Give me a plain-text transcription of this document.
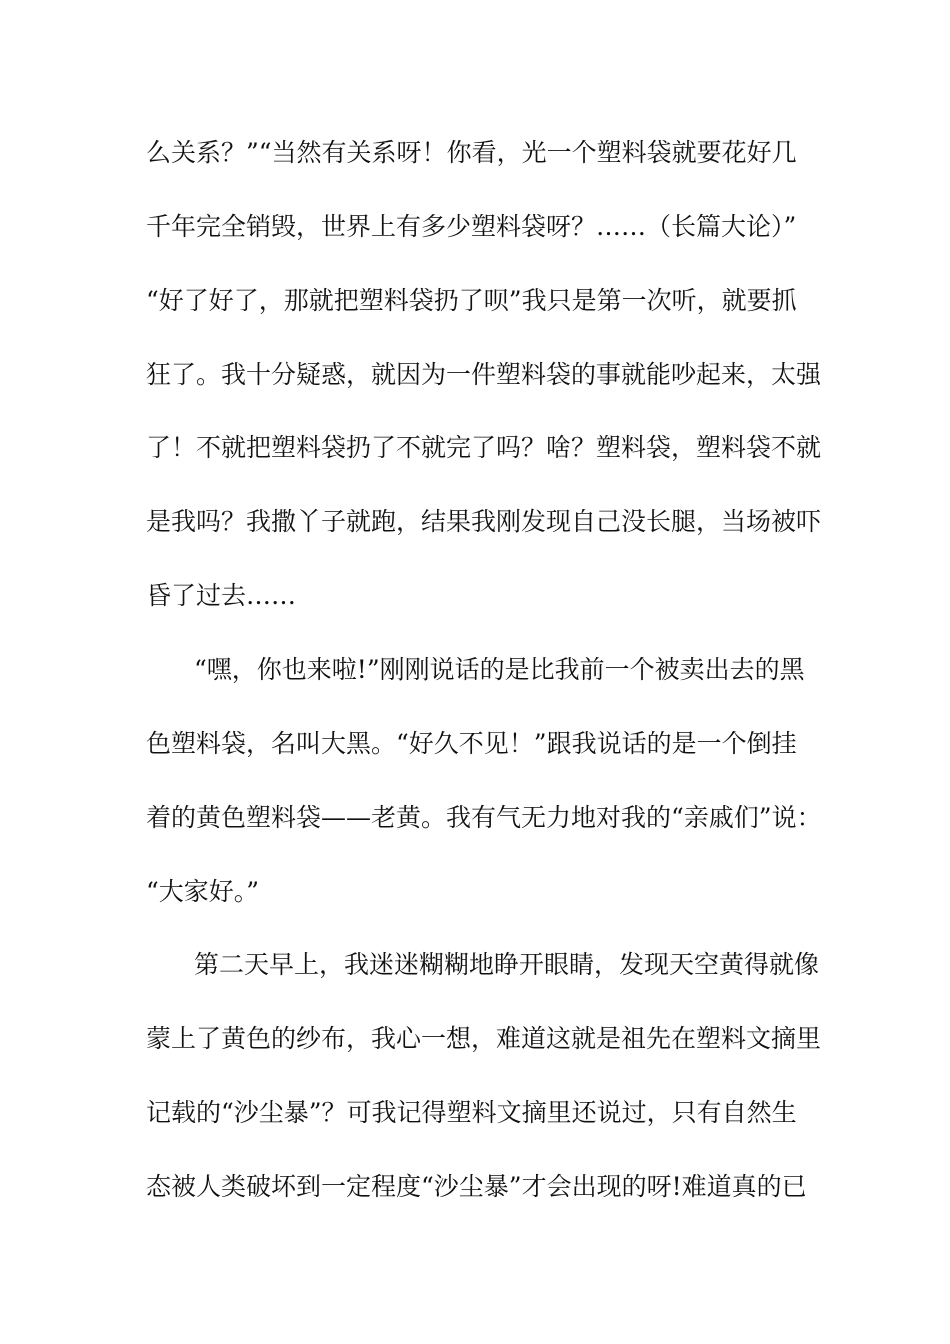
么关系？”“当然有关系呀！你看，光一个塑料袋就要花好几

千年完全销毁，世界上有多少塑料袋呀？……（长篇大论）”

“好了好了，那就把塑料袋扔了呗”我只是第一次听，就要抓

狂了。我十分疑惑，就因为一件塑料袋的事就能吵起来，太强

了！不就把塑料袋扔了不就完了吗？啥？塑料袋，塑料袋不就

是我吗？我撒丫子就跑，结果我刚发现自己没长腿，当场被吓

昏了过去……

“嘿，你也来啦!”刚刚说话的是比我前一个被卖出去的黑

色塑料袋，名叫大黑。“好久不见！”跟我说话的是一个倒挂

着的黄色塑料袋——老黄。我有气无力地对我的“亲戚们”说：

“大家好。”

第二天早上，我迷迷糊糊地睁开眼睛，发现天空黄得就像

蒙上了黄色的纱布，我心一想，难道这就是祖先在塑料文摘里

记载的“沙尘暴”？可我记得塑料文摘里还说过，只有自然生

态被人类破坏到一定程度“沙尘暴”才会出现的呀!难道真的已
